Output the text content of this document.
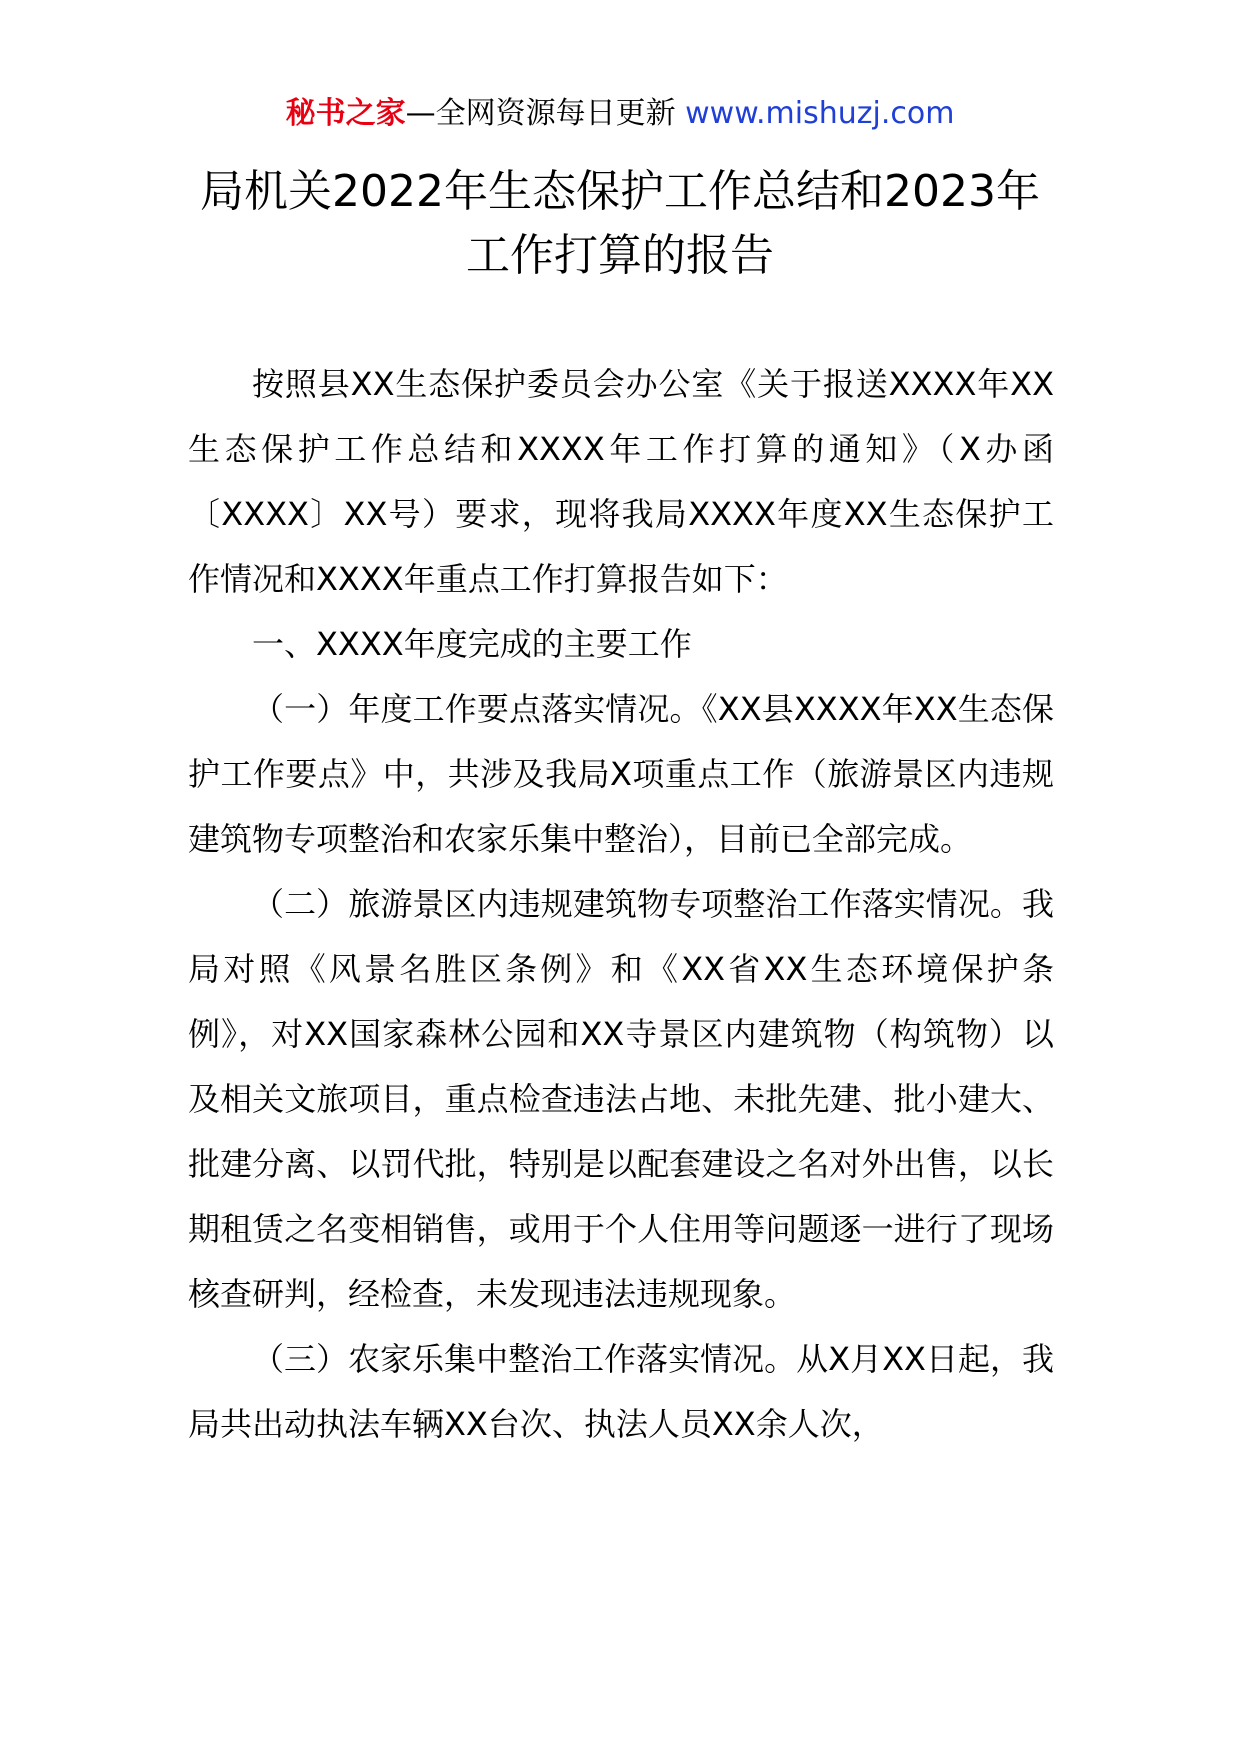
秘书之家—全网资源每日更新 www.mishuzj.com
局机关2022年生态保护工作总结和2023年
工作打算的报告

按照县XX生态保护委员会办公室《关于报送XXXX年XX生态保护工作总结和XXXX年工作打算的通知》（X办函〔XXXX〕XX号）要求，现将我局XXXX年度XX生态保护工作情况和XXXX年重点工作打算报告如下：

一、XXXX年度完成的主要工作

（一）年度工作要点落实情况。《XX县XXXX年XX生态保护工作要点》中，共涉及我局X项重点工作（旅游景区内违规建筑物专项整治和农家乐集中整治），目前已全部完成。

（二）旅游景区内违规建筑物专项整治工作落实情况。我局对照《风景名胜区条例》和《XX省XX生态环境保护条例》，对XX国家森林公园和XX寺景区内建筑物（构筑物）以及相关文旅项目，重点检查违法占地、未批先建、批小建大、批建分离、以罚代批，特别是以配套建设之名对外出售，以长期租赁之名变相销售，或用于个人住用等问题逐一进行了现场核查研判，经检查，未发现违法违规现象。

（三）农家乐集中整治工作落实情况。从X月XX日起，我局共出动执法车辆XX台次、执法人员XX余人次，
